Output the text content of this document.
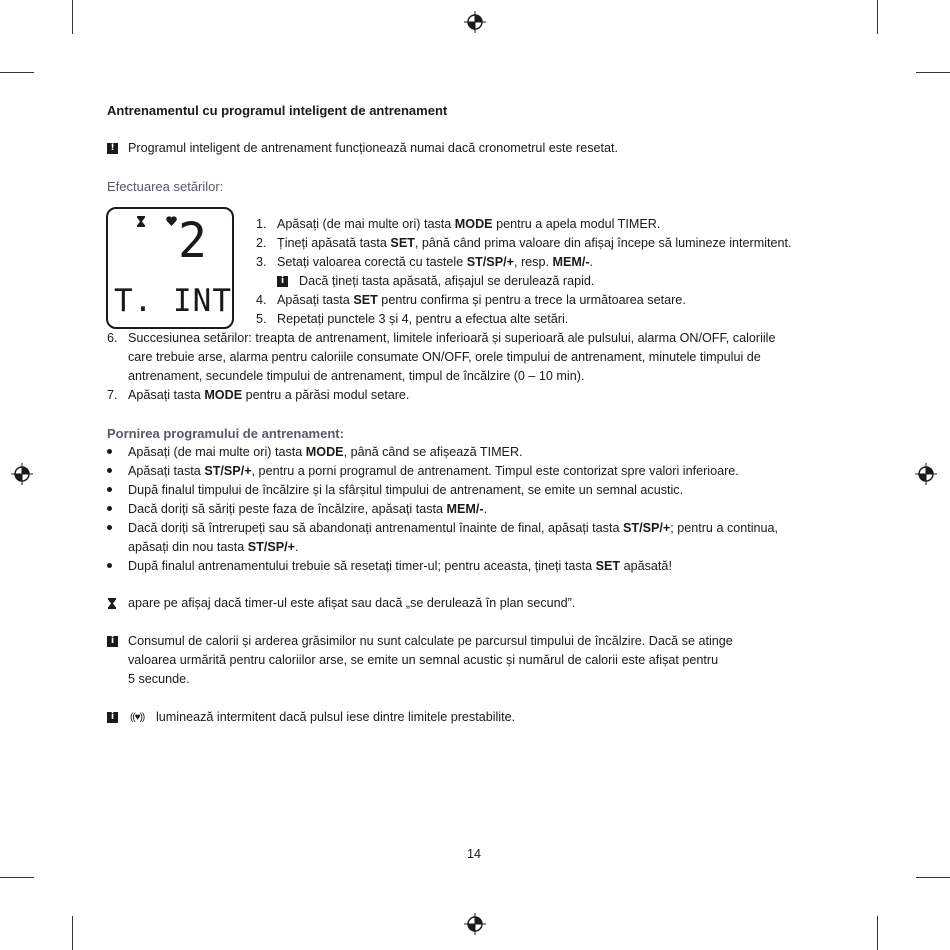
Antrenamentul cu programul inteligent de antrenament
! Programul inteligent de antrenament funcționează numai dacă cronometrul este resetat.
Efectuarea setărilor:
2
T. INT
1. Apăsați (de mai multe ori) tasta MODE pentru a apela modul TIMER.
2. Țineți apăsată tasta SET, până când prima valoare din afișaj începe să lumineze intermitent.
3. Setați valoarea corectă cu tastele ST/SP/+, resp. MEM/-.
i	Dacă țineți tasta apăsată, afișajul se derulează rapid.
4. Apăsați tasta SET pentru confirma și pentru a trece la următoarea setare.
5. Repetați punctele 3 și 4, pentru a efectua alte setări.
6. Succesiunea setărilor: treapta de antrenament, limitele inferioară și superioară ale pulsului, alarma ON/OFF, caloriile
care trebuie arse, alarma pentru caloriile consumate ON/OFF, orele timpului de antrenament, minutele timpului de
antrenament, secundele timpului de antrenament, timpul de încălzire (0 – 10 min).
7. Apăsați tasta MODE pentru a părăsi modul setare.
Pornirea programului de antrenament:
Apăsați (de mai multe ori) tasta MODE, până când se afișează TIMER.
Apăsați tasta ST/SP/+, pentru a porni programul de antrenament. Timpul este contorizat spre valori inferioare.
După finalul timpului de încălzire și la sfârșitul timpului de antrenament, se emite un semnal acustic.
Dacă doriți să săriți peste faza de încălzire, apăsați tasta MEM/-.
Dacă doriți să întrerupeți sau să abandonați antrenamentul înainte de final, apăsați tasta ST/SP/+; pentru a continua,
apăsați din nou tasta ST/SP/+.
După finalul antrenamentului trebuie să resetați timer-ul; pentru aceasta, țineți tasta SET apăsată!
apare pe afișaj dacă timer-ul este afișat sau dacă „se derulează în plan secund”.
i	Consumul de calorii și arderea grăsimilor nu sunt calculate pe parcursul timpului de încălzire. Dacă se atinge
valoarea urmărită pentru caloriilor arse, se emite un semnal acustic și numărul de calorii este afișat pentru
5 secunde.
i	((♥)) luminează intermitent dacă pulsul iese dintre limitele prestabilite.
14
